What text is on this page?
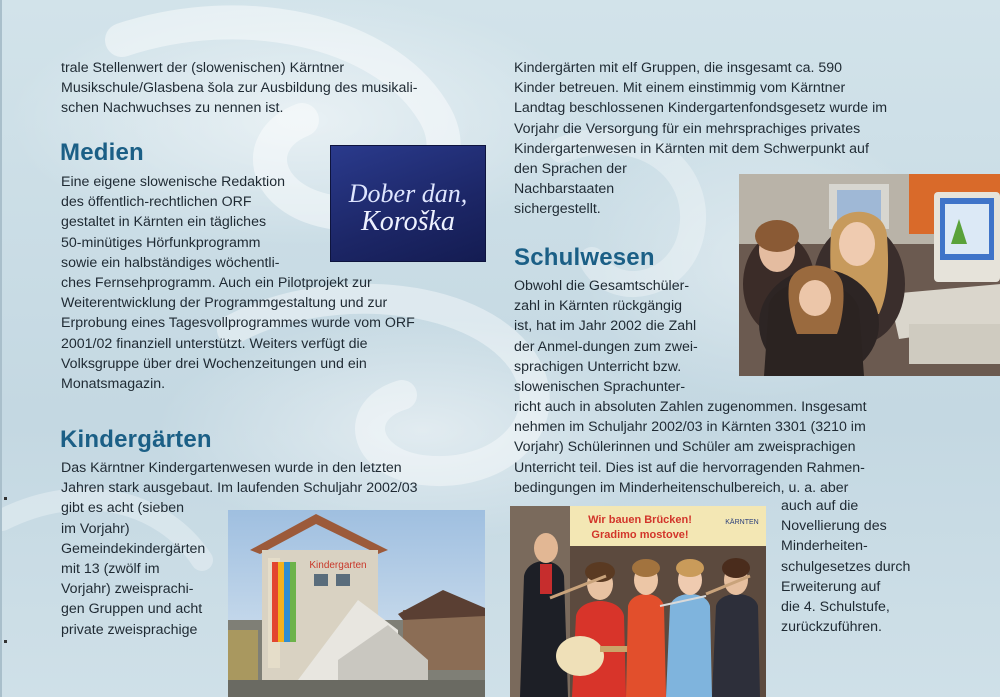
trale Stellenwert der (slowenischen) Kärntner
Musikschule/Glasbena šola zur Ausbildung des musikali-
schen Nachwuchses zu nennen ist.
Medien
Eine eigene slowenische Redaktion
des öffentlich-rechtlichen ORF
gestaltet in Kärnten ein tägliches
50-minütiges Hörfunkprogramm
sowie ein halbständiges wöchentli-
ches Fernsehprogramm. Auch ein Pilotprojekt zur
Weiterentwicklung der Programmgestaltung und zur
Erprobung eines Tagesvollprogrammes wurde vom ORF
2001/02 finanziell unterstützt. Weiters verfügt die
Volksgruppe über drei Wochenzeitungen und ein
Monatsmagazin.
Dober dan,
Koroška
Kindergärten
Das Kärntner Kindergartenwesen wurde in den letzten
Jahren stark ausgebaut. Im laufenden Schuljahr 2002/03
gibt es acht (sieben
im Vorjahr)
Gemeindekindergärten
mit 13 (zwölf im
Vorjahr) zweisprachi-
gen Gruppen und acht
private zweisprachige
Kindergarten
Kindergärten mit elf Gruppen, die insgesamt ca. 590
Kinder betreuen. Mit einem einstimmig vom Kärntner
Landtag beschlossenen Kindergartenfondsgesetz wurde im
Vorjahr die Versorgung für ein mehrsprachiges privates
Kindergartenwesen in Kärnten mit dem Schwerpunkt auf
den Sprachen der
Nachbarstaaten
sichergestellt.
Schulwesen
Obwohl die Gesamtschüler-
zahl in Kärnten rückgängig
ist, hat im Jahr 2002 die Zahl
der Anmel-dungen zum zwei-
sprachigen Unterricht bzw.
slowenischen Sprachunter-
richt auch in absoluten Zahlen zugenommen. Insgesamt
nehmen im Schuljahr 2002/03 in Kärnten 3301 (3210 im
Vorjahr) Schülerinnen und Schüler am zweisprachigen
Unterricht teil. Dies ist auf die hervorragenden Rahmen-
bedingungen im Minderheitenschulbereich, u. a. aber
auch auf die
Novellierung des
Minderheiten-
schulgesetzes durch
Erweiterung auf
die 4. Schulstufe,
zurückzuführen.
Wir bauen Brücken!
Gradimo mostove!
KÄRNTEN
